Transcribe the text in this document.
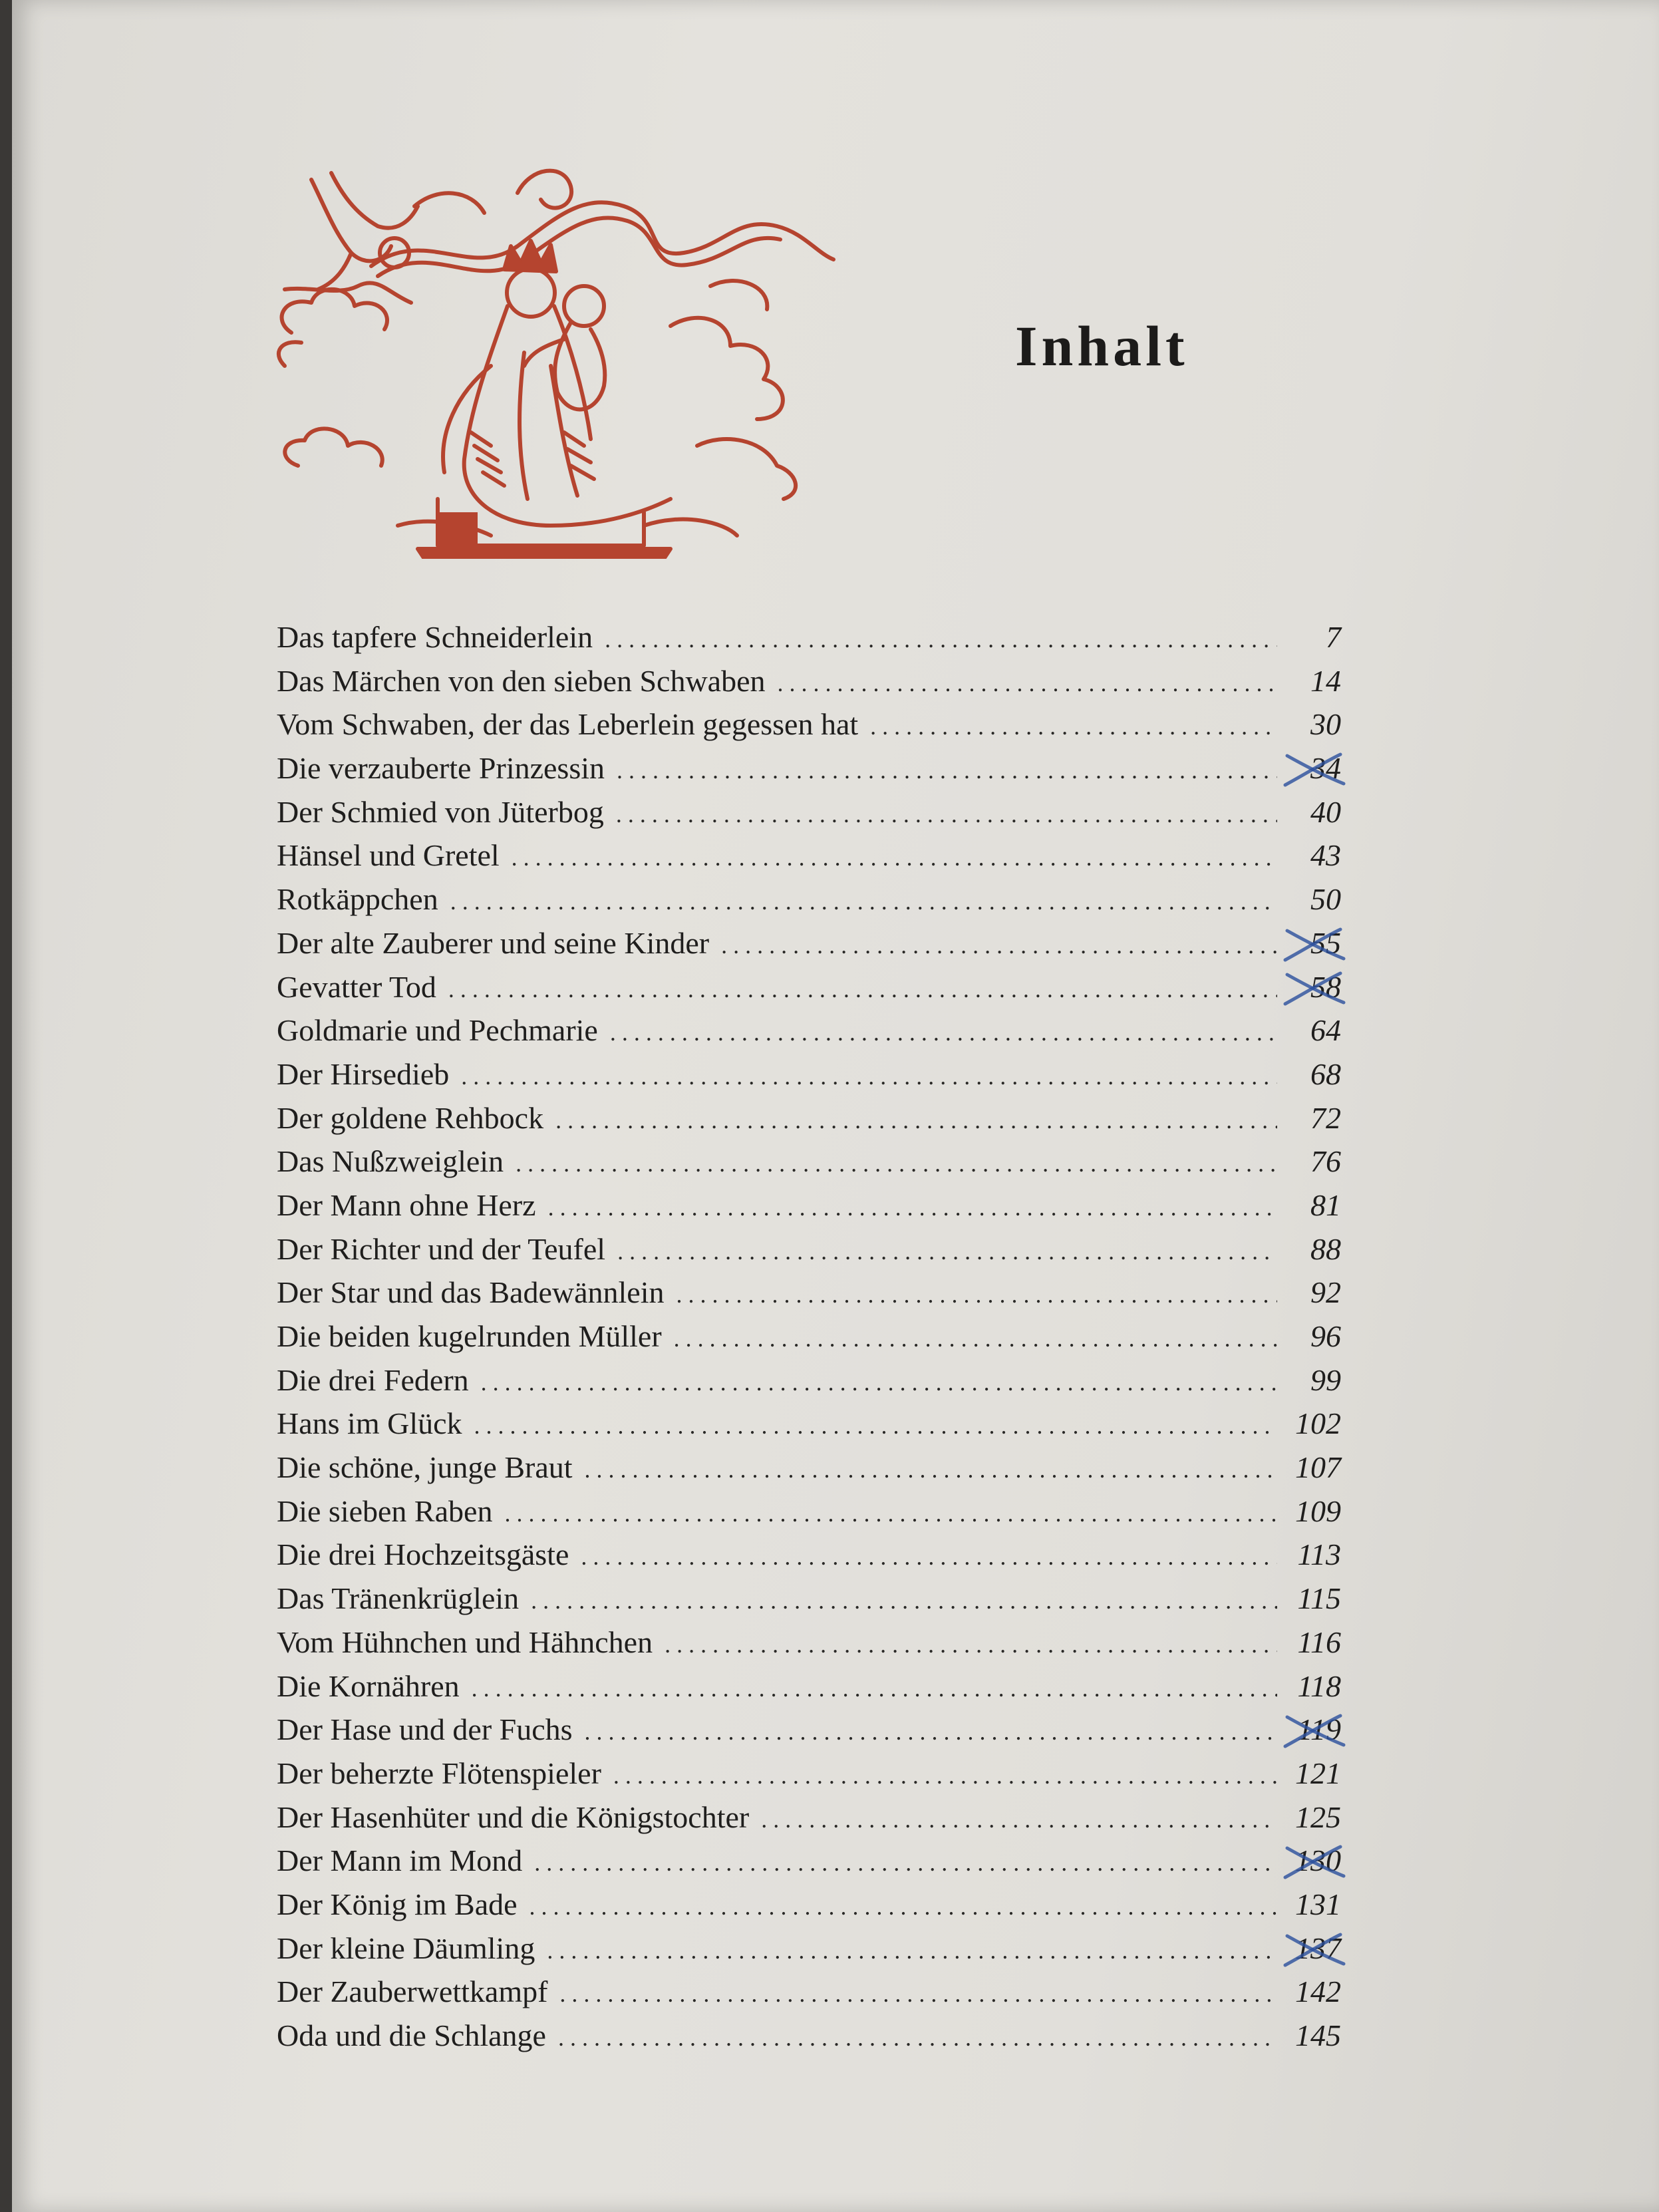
Inhalt
Das tapfere Schneiderlein . . .	7
Das Märchen von den sieben Schwaben . . .	14
Vom Schwaben, der das Leberlein gegessen hat . . .	30
Die verzauberte Prinzessin . . .	34
Der Schmied von Jüterbog . . .	40
Hänsel und Gretel . . .	43
Rotkäppchen . . .	50
Der alte Zauberer und seine Kinder . . .	55
Gevatter Tod . . .	58
Goldmarie und Pechmarie . . .	64
Der Hirsedieb . . .	68
Der goldene Rehbock . . .	72
Das Nußzweiglein . . .	76
Der Mann ohne Herz . . .	81
Der Richter und der Teufel . . .	88
Der Star und das Badewännlein . . .	92
Die beiden kugelrunden Müller . . .	96
Die drei Federn . . .	99
Hans im Glück . . .	102
Die schöne, junge Braut . . .	107
Die sieben Raben . . .	109
Die drei Hochzeitsgäste . . .	113
Das Tränenkrüglein . . .	115
Vom Hühnchen und Hähnchen . . .	116
Die Kornähren . . .	118
Der Hase und der Fuchs . . .	119
Der beherzte Flötenspieler . . .	121
Der Hasenhüter und die Königstochter . . .	125
Der Mann im Mond . . .	130
Der König im Bade . . .	131
Der kleine Däumling . . .	137
Der Zauberwettkampf . . .	142
Oda und die Schlange . . .	145
